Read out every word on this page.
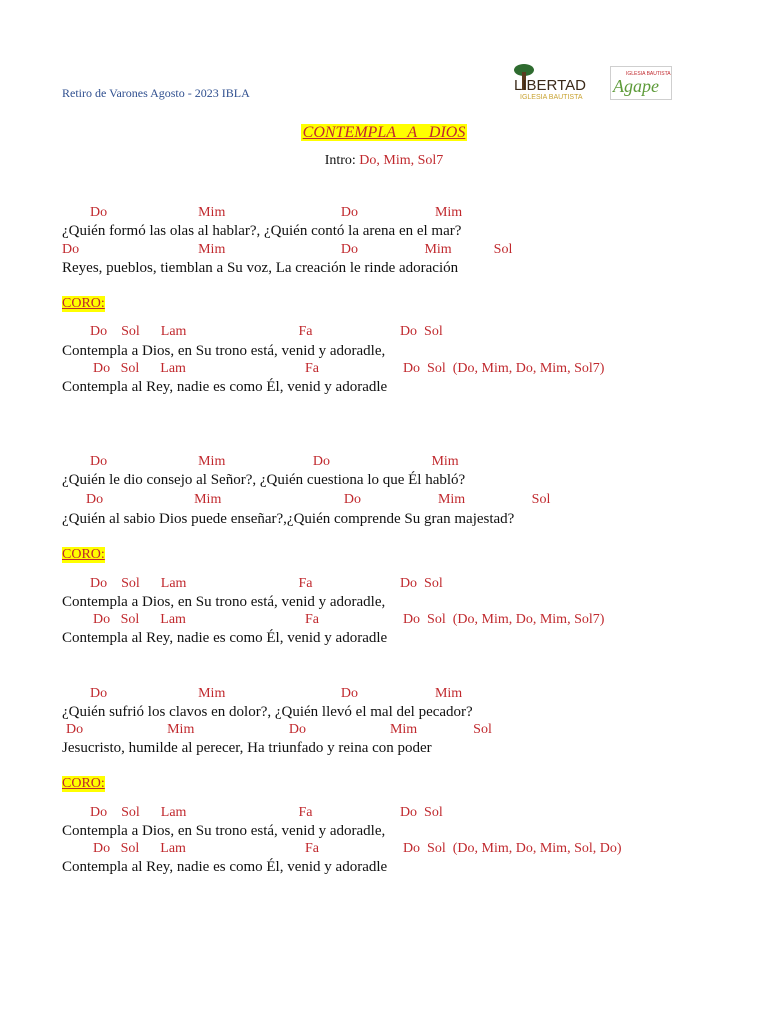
Retiro de Varones Agosto - 2023 IBLA	LIBERTAD
IGLESIA BAUTISTA
IGLESIA BAUTISTA
Agape
CONTEMPLA   A   DIOS
Intro: Do, Mim, Sol7
Do                          Mim                                 Do                      Mim
¿Quién formó las olas al hablar?, ¿Quién contó la arena en el mar?
Do                                  Mim                                 Do                   Mim            Sol
Reyes, pueblos, tiemblan a Su voz, La creación le rinde adoración
CORO:
Do    Sol      Lam                                Fa                         Do  Sol
Contempla a Dios, en Su trono está, venid y adoradle,
Do   Sol      Lam                                  Fa                        Do  Sol  (Do, Mim, Do, Mim, Sol7)
Contempla al Rey, nadie es como Él, venid y adoradle
Do                          Mim                         Do                             Mim
¿Quién le dio consejo al Señor?, ¿Quién cuestiona lo que Él habló?
Do                          Mim                                   Do                      Mim                   Sol
¿Quién al sabio Dios puede enseñar?,¿Quién comprende Su gran majestad?
CORO:
Do    Sol      Lam                                Fa                         Do  Sol
Contempla a Dios, en Su trono está, venid y adoradle,
Do   Sol      Lam                                  Fa                        Do  Sol  (Do, Mim, Do, Mim, Sol7)
Contempla al Rey, nadie es como Él, venid y adoradle
Do                          Mim                                 Do                      Mim
¿Quién sufrió los clavos en dolor?, ¿Quién llevó el mal del pecador?
Do                        Mim                           Do                        Mim                Sol
Jesucristo, humilde al perecer, Ha triunfado y reina con poder
CORO:
Do    Sol      Lam                                Fa                         Do  Sol
Contempla a Dios, en Su trono está, venid y adoradle,
Do   Sol      Lam                                  Fa                        Do  Sol  (Do, Mim, Do, Mim, Sol, Do)
Contempla al Rey, nadie es como Él, venid y adoradle
